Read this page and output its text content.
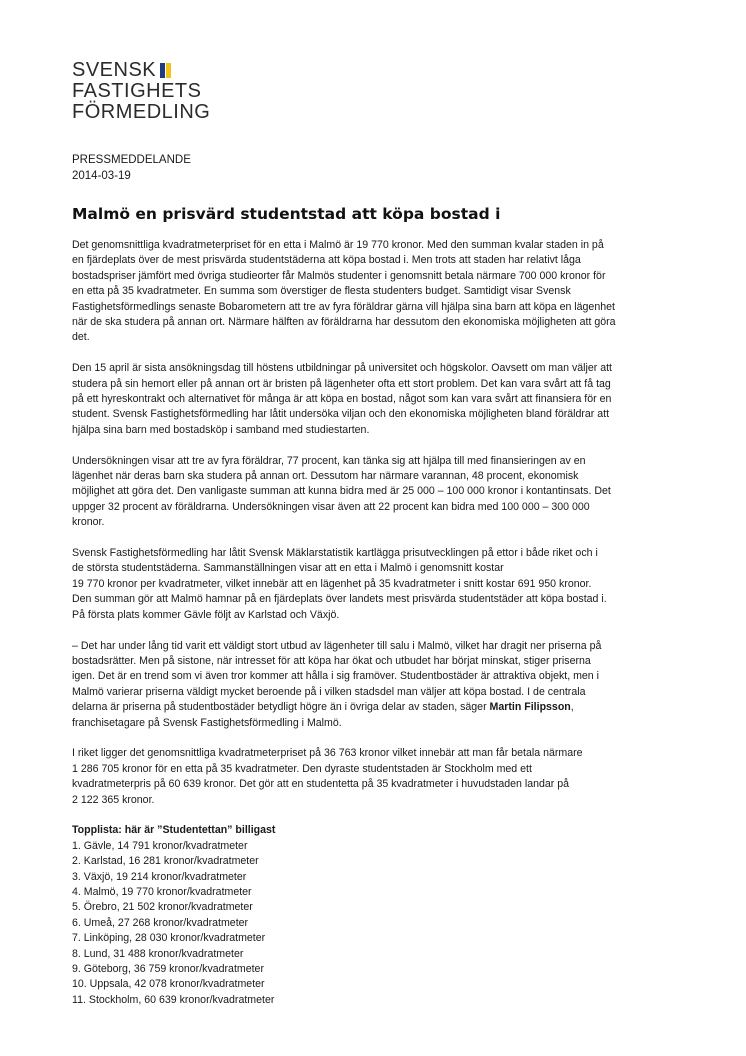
SVENSK
FASTIGHETS
FÖRMEDLING
PRESSMEDDELANDE
2014-03-19
Malmö en prisvärd studentstad att köpa bostad i

Det genomsnittliga kvadratmeterpriset för en etta i Malmö är 19 770 kronor. Med den summan kvalar staden in på
en fjärdeplats över de mest prisvärda studentstäderna att köpa bostad i. Men trots att staden har relativt låga
bostadspriser jämfört med övriga studieorter får Malmös studenter i genomsnitt betala närmare 700 000 kronor för
en etta på 35 kvadratmeter. En summa som överstiger de flesta studenters budget. Samtidigt visar Svensk
Fastighetsförmedlings senaste Bobarometern att tre av fyra föräldrar gärna vill hjälpa sina barn att köpa en lägenhet
när de ska studera på annan ort. Närmare hälften av föräldrarna har dessutom den ekonomiska möjligheten att göra
det.

Den 15 april är sista ansökningsdag till höstens utbildningar på universitet och högskolor. Oavsett om man väljer att
studera på sin hemort eller på annan ort är bristen på lägenheter ofta ett stort problem. Det kan vara svårt att få tag
på ett hyreskontrakt och alternativet för många är att köpa en bostad, något som kan vara svårt att finansiera för en
student. Svensk Fastighetsförmedling har låtit undersöka viljan och den ekonomiska möjligheten bland föräldrar att
hjälpa sina barn med bostadsköp i samband med studiestarten.

Undersökningen visar att tre av fyra föräldrar, 77 procent, kan tänka sig att hjälpa till med finansieringen av en
lägenhet när deras barn ska studera på annan ort. Dessutom har närmare varannan, 48 procent, ekonomisk
möjlighet att göra det. Den vanligaste summan att kunna bidra med är 25 000 – 100 000 kronor i kontantinsats. Det
uppger 32 procent av föräldrarna. Undersökningen visar även att 22 procent kan bidra med 100 000 – 300 000
kronor.

Svensk Fastighetsförmedling har låtit Svensk Mäklarstatistik kartlägga prisutvecklingen på ettor i både riket och i
de största studentstäderna. Sammanställningen visar att en etta i Malmö i genomsnitt kostar
19 770 kronor per kvadratmeter, vilket innebär att en lägenhet på 35 kvadratmeter i snitt kostar 691 950 kronor.
Den summan gör att Malmö hamnar på en fjärdeplats över landets mest prisvärda studentstäder att köpa bostad i.
På första plats kommer Gävle följt av Karlstad och Växjö.

– Det har under lång tid varit ett väldigt stort utbud av lägenheter till salu i Malmö, vilket har dragit ner priserna på
bostadsrätter. Men på sistone, när intresset för att köpa har ökat och utbudet har börjat minskat, stiger priserna
igen. Det är en trend som vi även tror kommer att hålla i sig framöver. Studentbostäder är attraktiva objekt, men i
Malmö varierar priserna väldigt mycket beroende på i vilken stadsdel man väljer att köpa bostad. I de centrala
delarna är priserna på studentbostäder betydligt högre än i övriga delar av staden, säger Martin Filipsson,
franchisetagare på Svensk Fastighetsförmedling i Malmö.

I riket ligger det genomsnittliga kvadratmeterpriset på 36 763 kronor vilket innebär att man får betala närmare
1 286 705 kronor för en etta på 35 kvadratmeter. Den dyraste studentstaden är Stockholm med ett
kvadratmeterpris på 60 639 kronor. Det gör att en studentetta på 35 kvadratmeter i huvudstaden landar på
2 122 365 kronor.

Topplista: här är ”Studentettan” billigast
1. Gävle, 14 791 kronor/kvadratmeter
2. Karlstad, 16 281 kronor/kvadratmeter
3. Växjö, 19 214 kronor/kvadratmeter
4. Malmö, 19 770 kronor/kvadratmeter
5. Örebro, 21 502 kronor/kvadratmeter
6. Umeå, 27 268 kronor/kvadratmeter
7. Linköping, 28 030 kronor/kvadratmeter
8. Lund, 31 488 kronor/kvadratmeter
9. Göteborg, 36 759 kronor/kvadratmeter
10. Uppsala, 42 078 kronor/kvadratmeter
11. Stockholm, 60 639 kronor/kvadratmeter
